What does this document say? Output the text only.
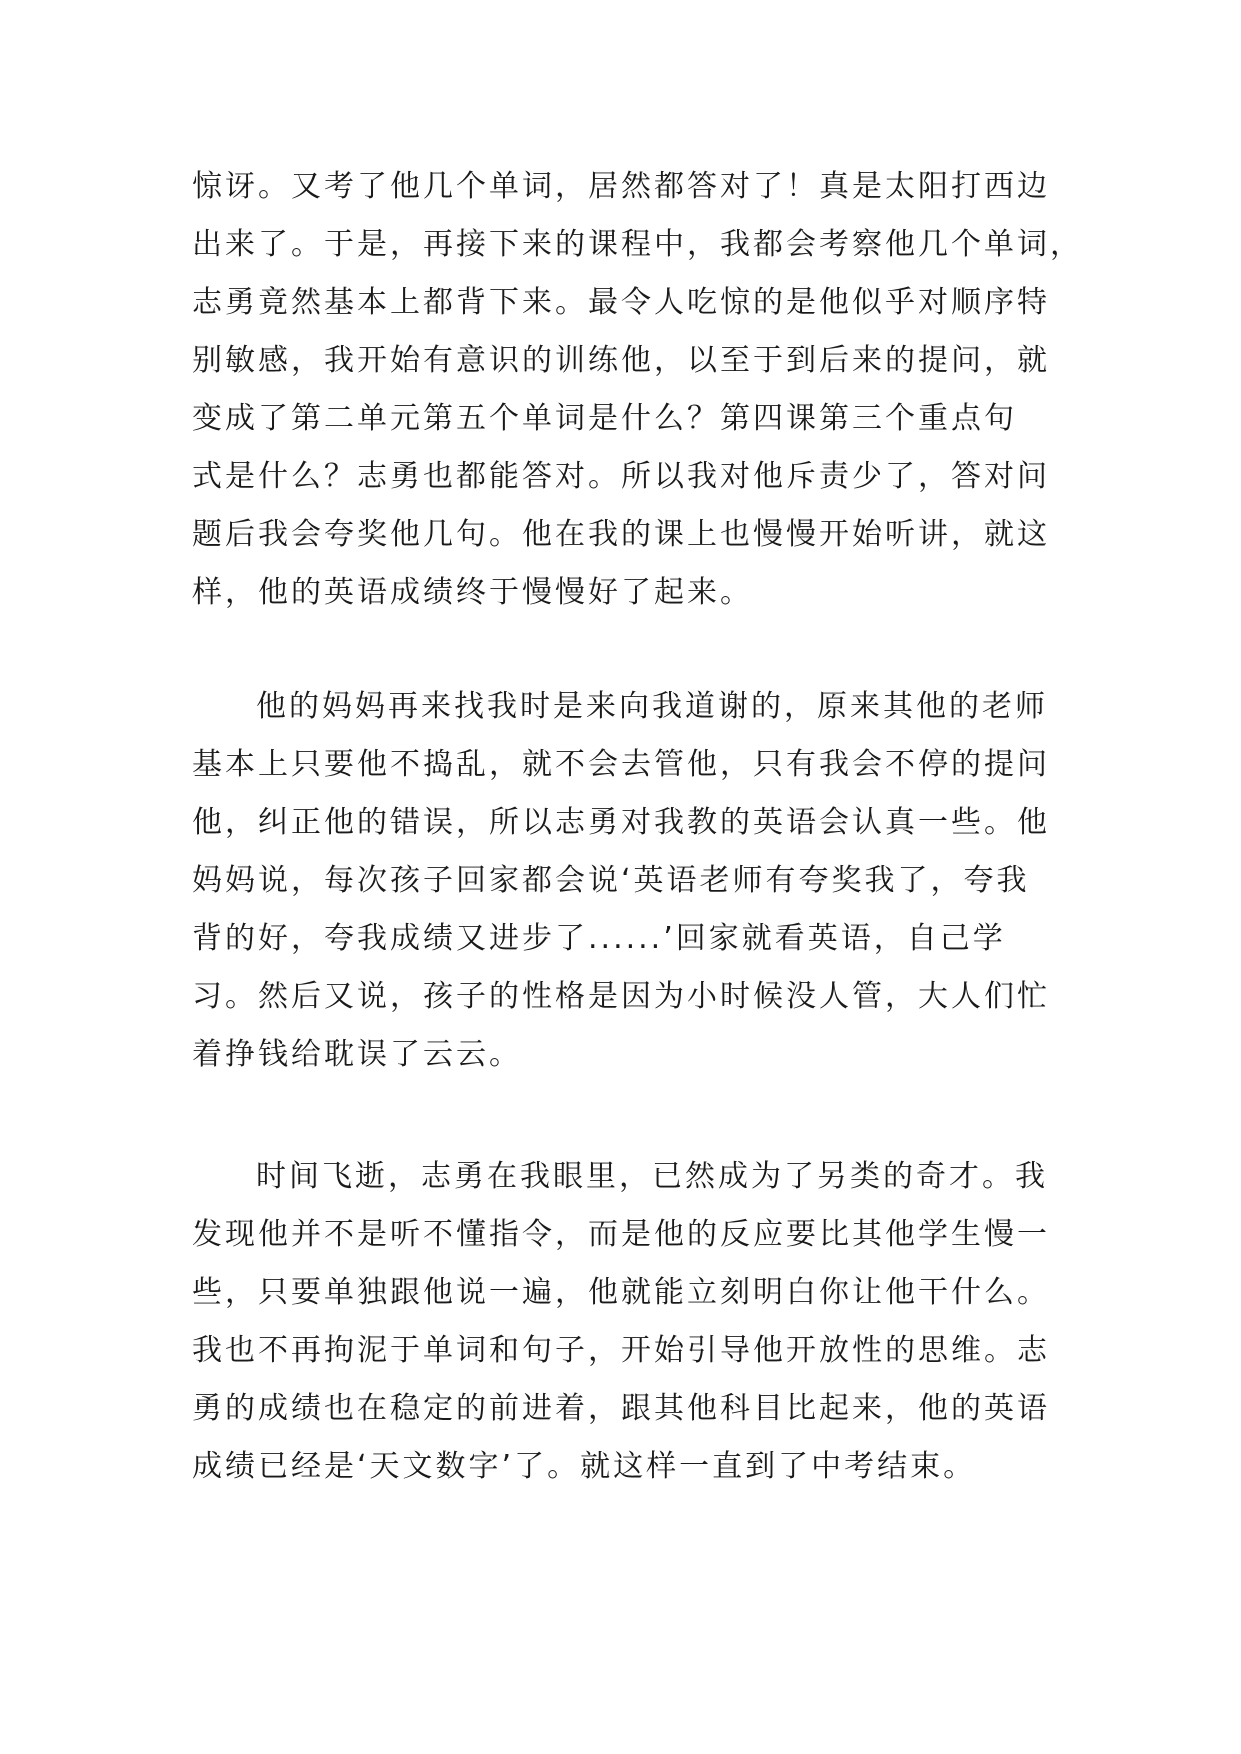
惊讶。又考了他几个单词，居然都答对了！真是太阳打西边
出来了。于是，再接下来的课程中，我都会考察他几个单词，
志勇竟然基本上都背下来。最令人吃惊的是他似乎对顺序特
别敏感，我开始有意识的训练他，以至于到后来的提问，就
变成了第二单元第五个单词是什么？第四课第三个重点句
式是什么？志勇也都能答对。所以我对他斥责少了，答对问
题后我会夸奖他几句。他在我的课上也慢慢开始听讲，就这
样，他的英语成绩终于慢慢好了起来。
他的妈妈再来找我时是来向我道谢的，原来其他的老师
基本上只要他不捣乱，就不会去管他，只有我会不停的提问
他，纠正他的错误，所以志勇对我教的英语会认真一些。他
妈妈说，每次孩子回家都会说‘英语老师有夸奖我了，夸我
背的好，夸我成绩又进步了......’回家就看英语，自己学
习。然后又说，孩子的性格是因为小时候没人管，大人们忙
着挣钱给耽误了云云。
时间飞逝，志勇在我眼里，已然成为了另类的奇才。我
发现他并不是听不懂指令，而是他的反应要比其他学生慢一
些，只要单独跟他说一遍，他就能立刻明白你让他干什么。
我也不再拘泥于单词和句子，开始引导他开放性的思维。志
勇的成绩也在稳定的前进着，跟其他科目比起来，他的英语
成绩已经是‘天文数字’了。就这样一直到了中考结束。
